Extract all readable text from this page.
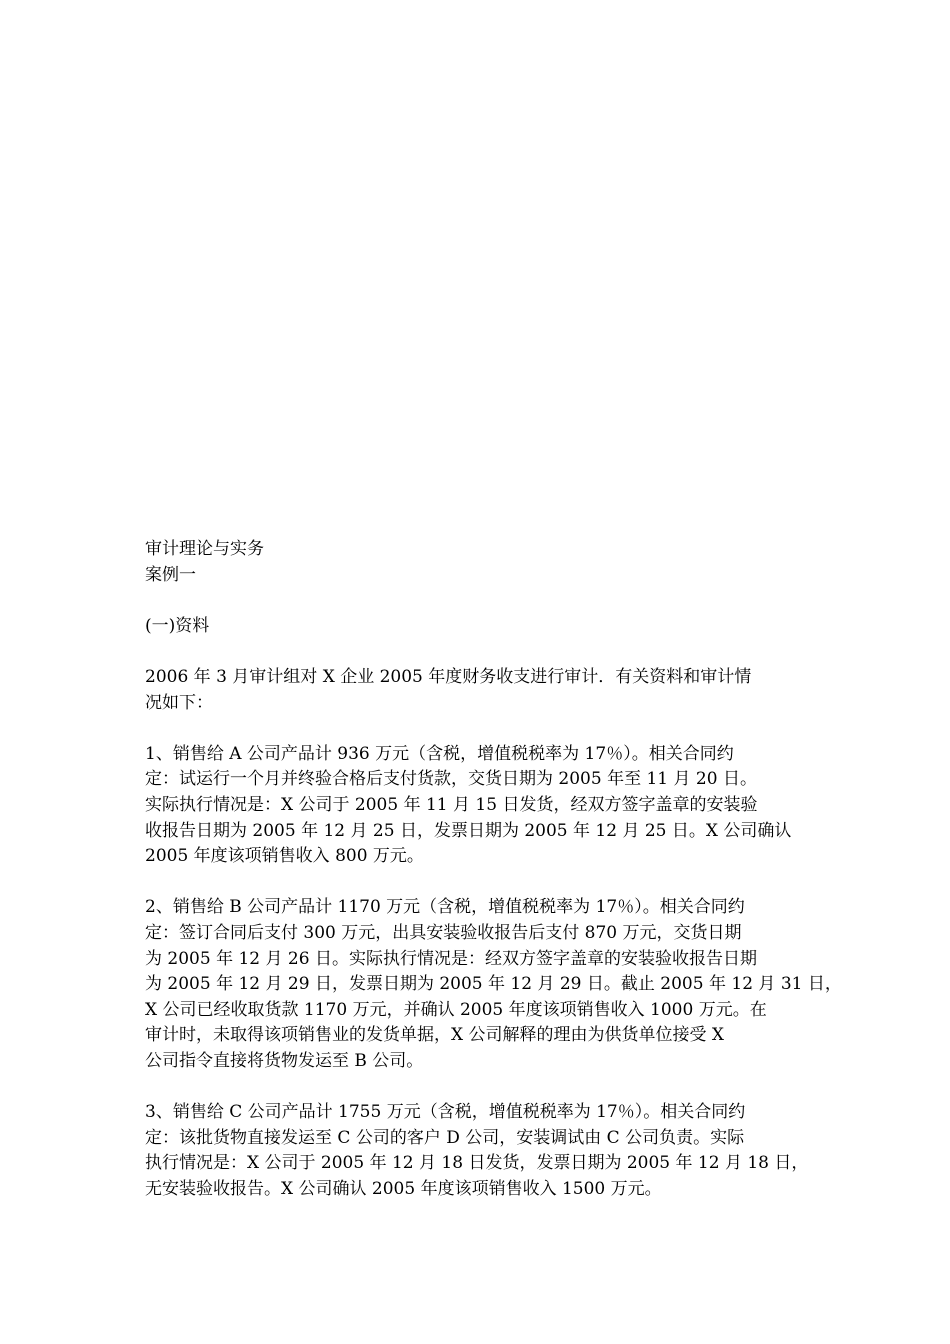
审计理论与实务
案例一
(一)资料
2006 年 3 月审计组对 X 企业 2005 年度财务收支进行审计．有关资料和审计情
况如下：
1、销售给 A 公司产品计 936 万元（含税，增值税税率为 17％）。相关合同约
定：试运行一个月并终验合格后支付货款，交货日期为 2005 年至 11 月 20 日。
实际执行情况是：X 公司于 2005 年 11 月 15 日发货，经双方签字盖章的安装验
收报告日期为 2005 年 12 月 25 日，发票日期为 2005 年 12 月 25 日。X 公司确认
2005 年度该项销售收入 800 万元。
2、销售给 B 公司产品计 1170 万元（含税，增值税税率为 17％）。相关合同约
定：签订合同后支付 300 万元，出具安装验收报告后支付 870 万元，交货日期
为 2005 年 12 月 26 日。实际执行情况是：经双方签字盖章的安装验收报告日期
为 2005 年 12 月 29 日，发票日期为 2005 年 12 月 29 日。截止 2005 年 12 月 31 日，
X 公司已经收取货款 1170 万元，并确认 2005 年度该项销售收入 1000 万元。在
审计时，未取得该项销售业的发货单据，X 公司解释的理由为供货单位接受 X
公司指令直接将货物发运至 B 公司。
3、销售给 C 公司产品计 1755 万元（含税，增值税税率为 17％）。相关合同约
定：该批货物直接发运至 C 公司的客户 D 公司，安装调试由 C 公司负责。实际
执行情况是：X 公司于 2005 年 12 月 18 日发货，发票日期为 2005 年 12 月 18 日，
无安装验收报告。X 公司确认 2005 年度该项销售收入 1500 万元。
